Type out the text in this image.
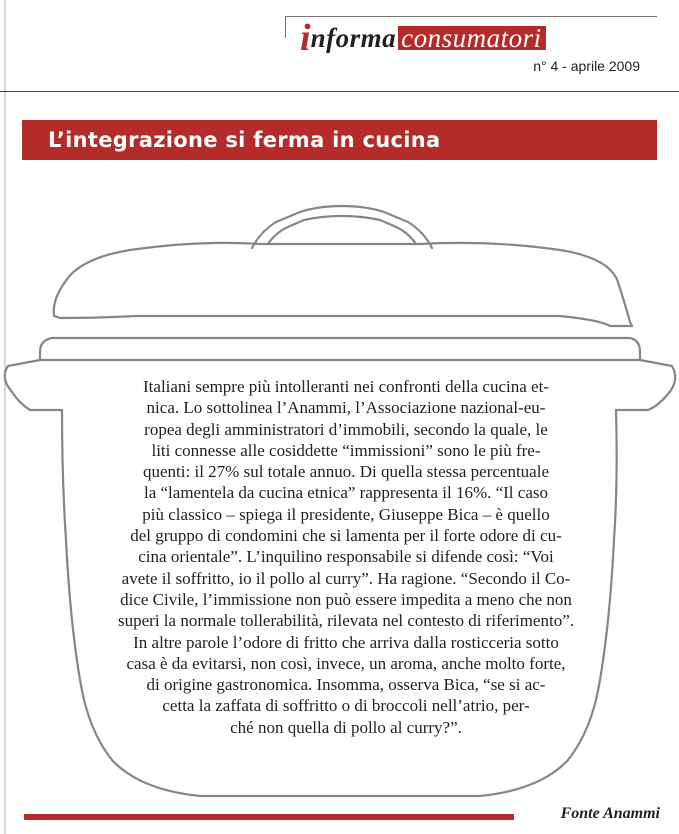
i nforma consumatori
n° 4 - aprile 2009
L’integrazione si ferma in cucina
Italiani sempre più intolleranti nei confronti della cucina et-
nica. Lo sottolinea l’Anammi, l’Associazione nazional-eu-
ropea degli amministratori d’immobili, secondo la quale, le
liti connesse alle cosiddette “immissioni” sono le più fre-
quenti: il 27% sul totale annuo. Di quella stessa percentuale
la “lamentela da cucina etnica” rappresenta il 16%. “Il caso
più classico – spiega il presidente, Giuseppe Bica – è quello
del gruppo di condomini che si lamenta per il forte odore di cu-
cina orientale”. L’inquilino responsabile si difende così: “Voi
avete il soffritto, io il pollo al curry”. Ha ragione. “Secondo il Co-
dice Civile, l’immissione non può essere impedita a meno che non
superi la normale tollerabilità, rilevata nel contesto di riferimento”.
In altre parole l’odore di fritto che arriva dalla rosticceria sotto
casa è da evitarsi, non così, invece, un aroma, anche molto forte,
di origine gastronomica. Insomma, osserva Bica, “se si ac-
cetta la zaffata di soffritto o di broccoli nell’atrio, per-
ché non quella di pollo al curry?”.
Fonte Anammi
